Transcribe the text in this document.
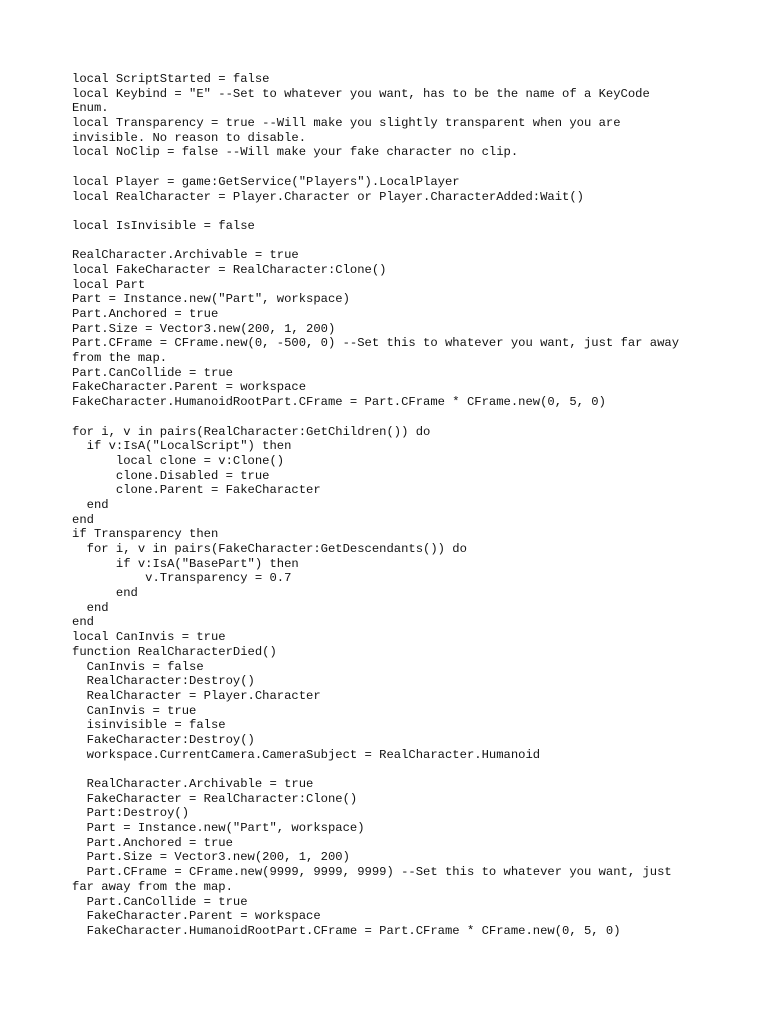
local ScriptStarted = false
local Keybind = "E" --Set to whatever you want, has to be the name of a KeyCode
Enum.
local Transparency = true --Will make you slightly transparent when you are
invisible. No reason to disable.
local NoClip = false --Will make your fake character no clip.
local Player = game:GetService("Players").LocalPlayer
local RealCharacter = Player.Character or Player.CharacterAdded:Wait()
local IsInvisible = false
RealCharacter.Archivable = true
local FakeCharacter = RealCharacter:Clone()
local Part
Part = Instance.new("Part", workspace)
Part.Anchored = true
Part.Size = Vector3.new(200, 1, 200)
Part.CFrame = CFrame.new(0, -500, 0) --Set this to whatever you want, just far away
from the map.
Part.CanCollide = true
FakeCharacter.Parent = workspace
FakeCharacter.HumanoidRootPart.CFrame = Part.CFrame * CFrame.new(0, 5, 0)
for i, v in pairs(RealCharacter:GetChildren()) do
if v:IsA("LocalScript") then
local clone = v:Clone()
clone.Disabled = true
clone.Parent = FakeCharacter
end
end
if Transparency then
for i, v in pairs(FakeCharacter:GetDescendants()) do
if v:IsA("BasePart") then
v.Transparency = 0.7
end
end
end
local CanInvis = true
function RealCharacterDied()
CanInvis = false
RealCharacter:Destroy()
RealCharacter = Player.Character
CanInvis = true
isinvisible = false
FakeCharacter:Destroy()
workspace.CurrentCamera.CameraSubject = RealCharacter.Humanoid
RealCharacter.Archivable = true
FakeCharacter = RealCharacter:Clone()
Part:Destroy()
Part = Instance.new("Part", workspace)
Part.Anchored = true
Part.Size = Vector3.new(200, 1, 200)
Part.CFrame = CFrame.new(9999, 9999, 9999) --Set this to whatever you want, just
far away from the map.
Part.CanCollide = true
FakeCharacter.Parent = workspace
FakeCharacter.HumanoidRootPart.CFrame = Part.CFrame * CFrame.new(0, 5, 0)
